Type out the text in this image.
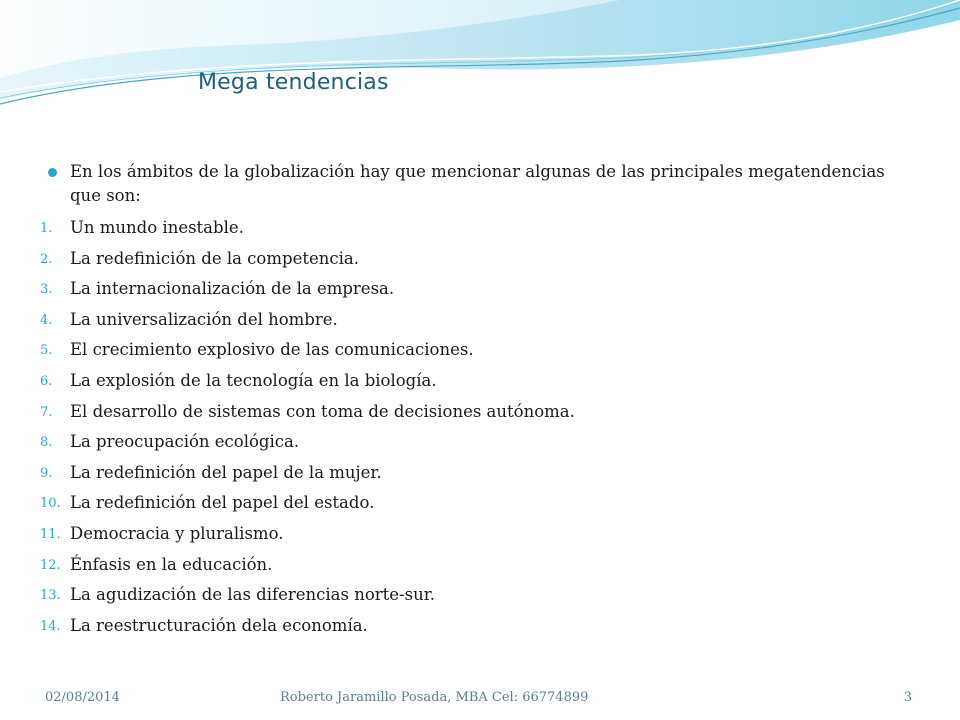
Mega tendencias
En los ámbitos de la globalización hay que mencionar algunas de las principales megatendencias que son:
1. Un mundo inestable.
2. La redefinición de la competencia.
3. La internacionalización de la empresa.
4. La universalización del hombre.
5. El crecimiento explosivo de las comunicaciones.
6. La explosión de la tecnología en la biología.
7. El desarrollo de sistemas con toma de decisiones autónoma.
8. La preocupación ecológica.
9. La redefinición del papel de la mujer.
10. La redefinición del papel del estado.
11. Democracia y pluralismo.
12. Énfasis en la educación.
13. La agudización de las diferencias norte-sur.
14. La reestructuración dela economía.
02/08/2014	Roberto Jaramillo Posada, MBA Cel: 66774899	3
